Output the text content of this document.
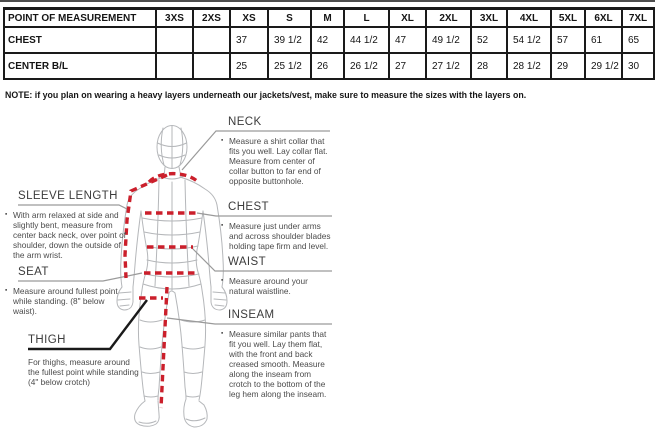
POINT OF MEASUREMENT	3XS	2XS	XS	S	M	L	XL	2XL	3XL	4XL	5XL	6XL	7XL	
CHEST			37	39 1/2	42	44 1/2	47	49 1/2	52	54 1/2	57	61	65	
CENTER B/L			25	25 1/2	26	26 1/2	27	27 1/2	28	28 1/2	29	29 1/2	30	
NOTE: if you plan on wearing a heavy layers underneath our jackets/vest, make sure to measure the sizes with the layers on.
NECK
▪ Measure a shirt collar that fits you well. Lay collar flat. Measure from center of collar button to far end of opposite buttonhole.
CHEST
▪ Measure just under arms and across shoulder blades holding tape firm and level.
WAIST
▪ Measure around your natural waistline.
INSEAM
▪ Measure similar pants that fit you well. Lay them flat, with the front and back creased smooth. Measure along the inseam from crotch to the bottom of the leg hem along the inseam.
SLEEVE LENGTH
▪ With arm relaxed at side and slightly bent, measure from center back neck, over point of shoulder, down the outside of the arm wrist.
SEAT
▪ Measure around fullest point while standing. (8" below waist).
THIGH
For thighs, measure around the fullest point while standing (4" below crotch)
